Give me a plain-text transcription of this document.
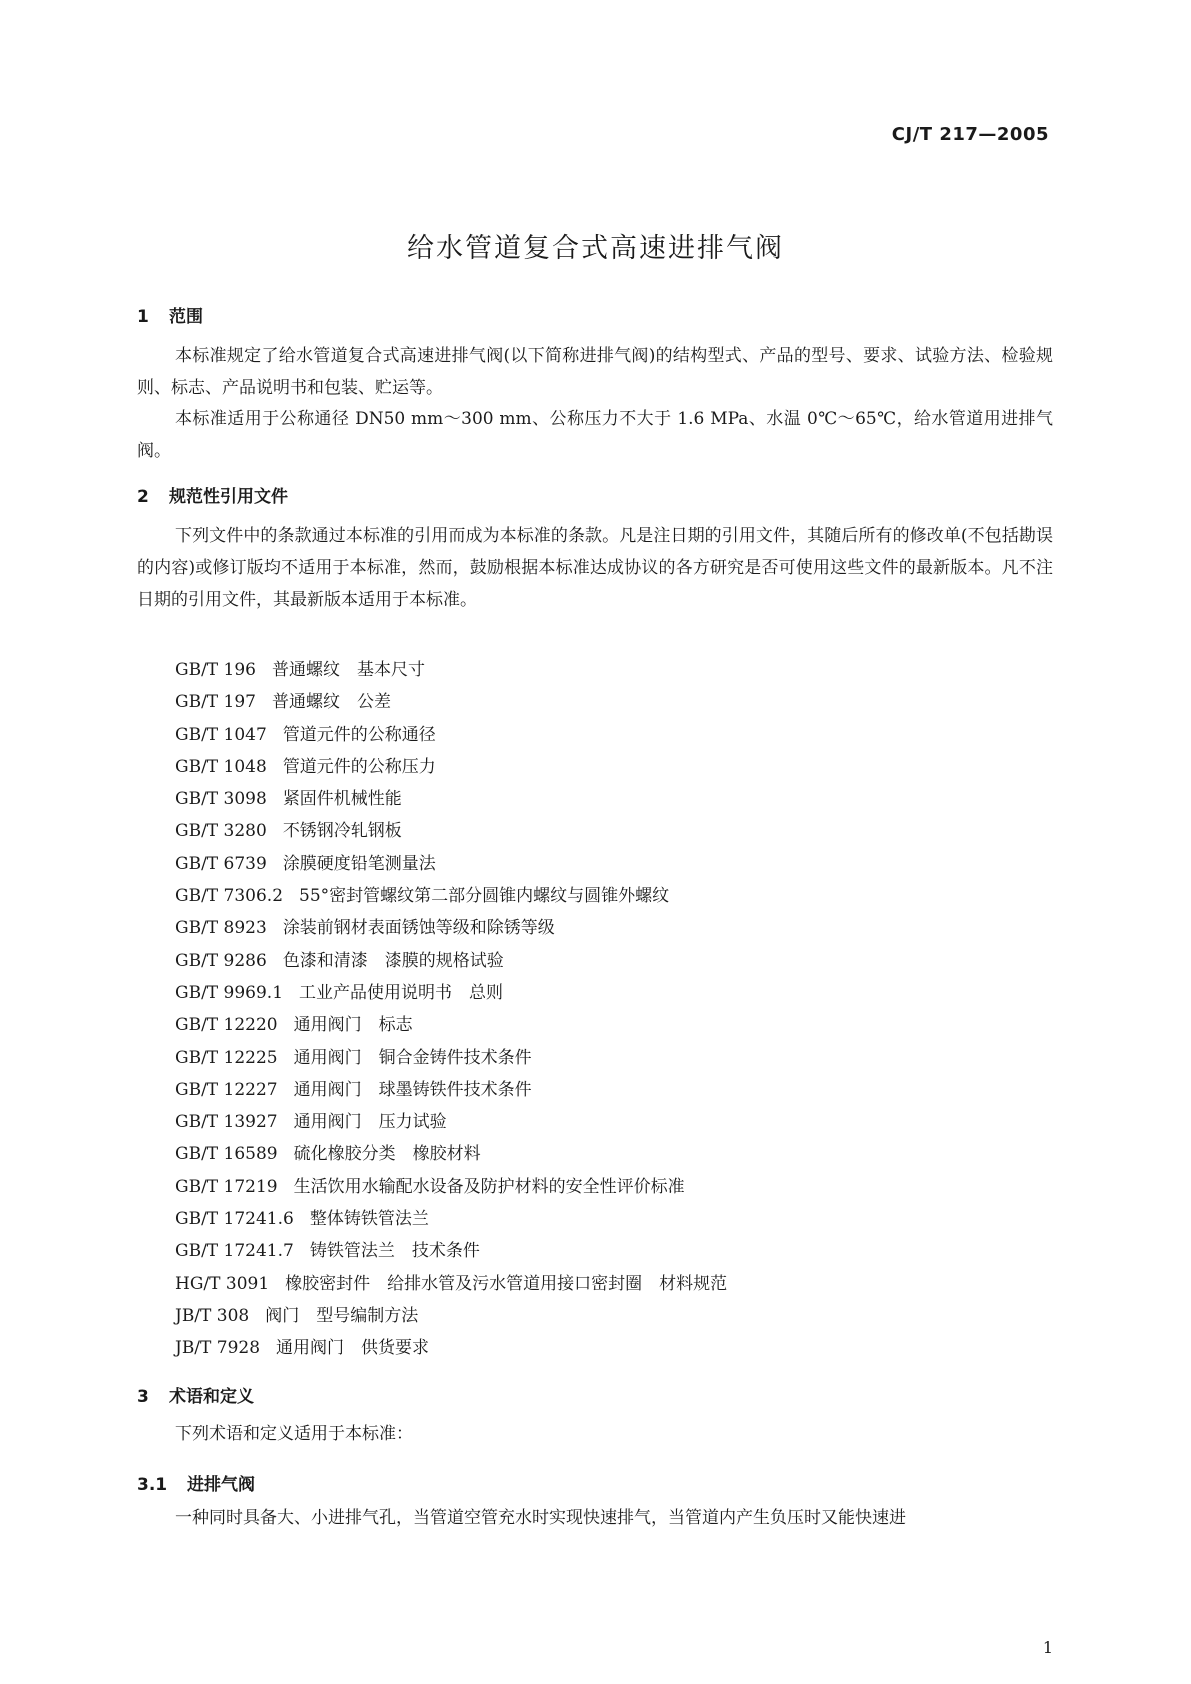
CJ/T 217—2005
给水管道复合式高速进排气阀
1 范围
本标准规定了给水管道复合式高速进排气阀(以下简称进排气阀)的结构型式、产品的型号、要求、试验方法、检验规则、标志、产品说明书和包装、贮运等。
本标准适用于公称通径 DN50 mm～300 mm、公称压力不大于 1.6 MPa、水温 0℃～65℃，给水管道用进排气阀。
2 规范性引用文件
下列文件中的条款通过本标准的引用而成为本标准的条款。凡是注日期的引用文件，其随后所有的修改单(不包括勘误的内容)或修订版均不适用于本标准，然而，鼓励根据本标准达成协议的各方研究是否可使用这些文件的最新版本。凡不注日期的引用文件，其最新版本适用于本标准。
GB/T 196 普通螺纹　基本尺寸
GB/T 197 普通螺纹　公差
GB/T 1047 管道元件的公称通径
GB/T 1048 管道元件的公称压力
GB/T 3098 紧固件机械性能
GB/T 3280 不锈钢冷轧钢板
GB/T 6739 涂膜硬度铅笔测量法
GB/T 7306.2 55°密封管螺纹第二部分圆锥内螺纹与圆锥外螺纹
GB/T 8923 涂装前钢材表面锈蚀等级和除锈等级
GB/T 9286 色漆和清漆　漆膜的规格试验
GB/T 9969.1 工业产品使用说明书　总则
GB/T 12220 通用阀门　标志
GB/T 12225 通用阀门　铜合金铸件技术条件
GB/T 12227 通用阀门　球墨铸铁件技术条件
GB/T 13927 通用阀门　压力试验
GB/T 16589 硫化橡胶分类　橡胶材料
GB/T 17219 生活饮用水输配水设备及防护材料的安全性评价标准
GB/T 17241.6 整体铸铁管法兰
GB/T 17241.7 铸铁管法兰　技术条件
HG/T 3091 橡胶密封件　给排水管及污水管道用接口密封圈　材料规范
JB/T 308 阀门　型号编制方法
JB/T 7928 通用阀门　供货要求
3 术语和定义
下列术语和定义适用于本标准：
3.1 进排气阀
一种同时具备大、小进排气孔，当管道空管充水时实现快速排气，当管道内产生负压时又能快速进
1
